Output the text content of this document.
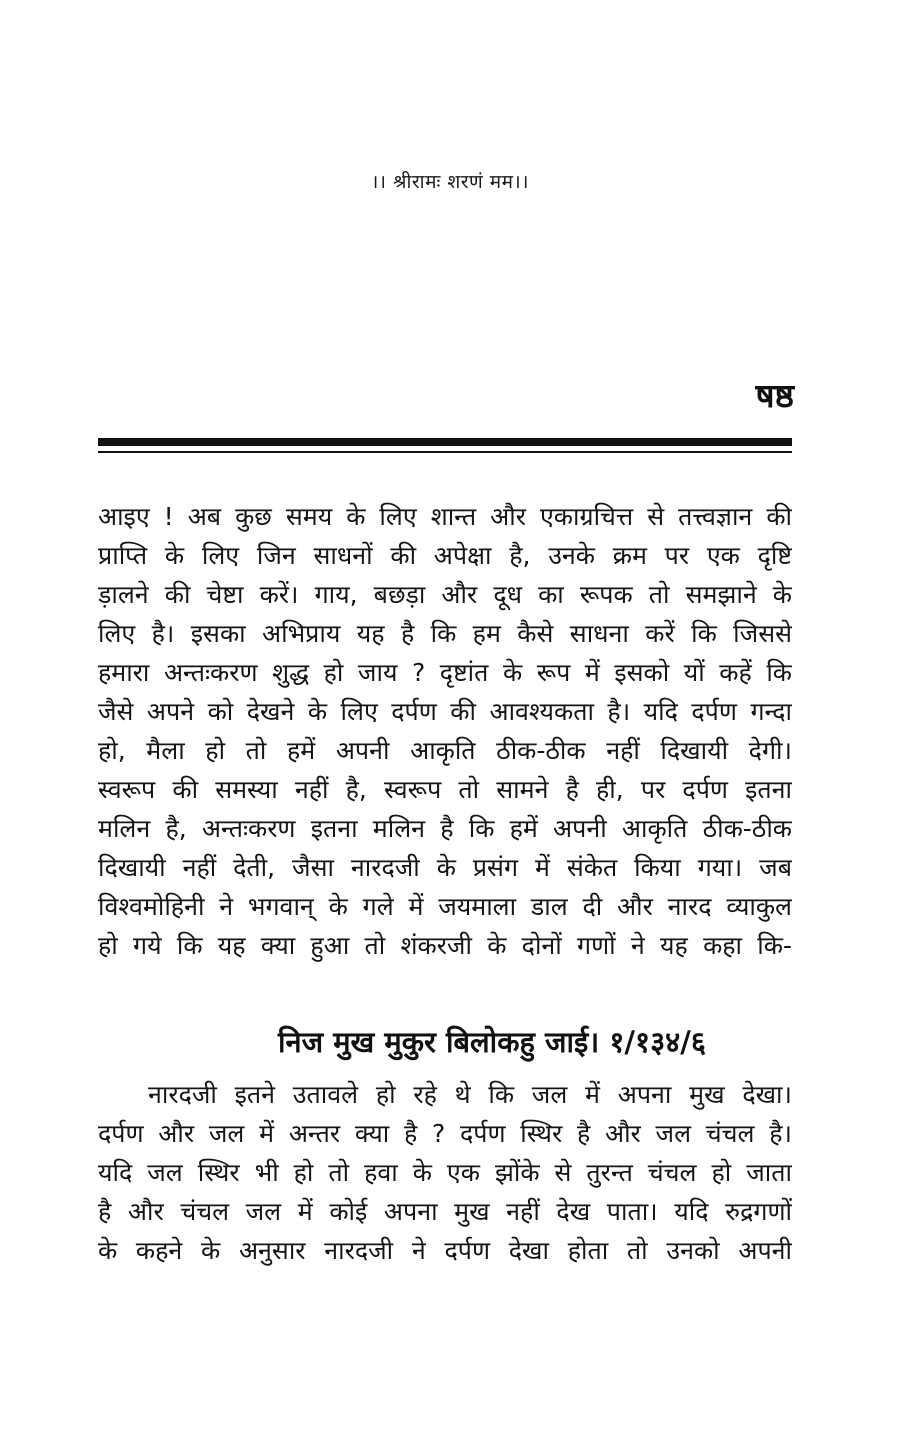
।। श्रीरामः शरणं मम।।
षष्ठ
आइए ! अब कुछ समय के लिए शान्त और एकाग्रचित्त से तत्त्वज्ञान की
प्राप्ति के लिए जिन साधनों की अपेक्षा है, उनके क्रम पर एक दृष्टि
ड़ालने की चेष्टा करें। गाय, बछड़ा और दूध का रूपक तो समझाने के
लिए है। इसका अभिप्राय यह है कि हम कैसे साधना करें कि जिससे
हमारा अन्तःकरण शुद्ध हो जाय ? दृष्टांत के रूप में इसको यों कहें कि
जैसे अपने को देखने के लिए दर्पण की आवश्यकता है। यदि दर्पण गन्दा
हो, मैला हो तो हमें अपनी आकृति ठीक-ठीक नहीं दिखायी देगी।
स्वरूप की समस्या नहीं है, स्वरूप तो सामने है ही, पर दर्पण इतना
मलिन है, अन्तःकरण इतना मलिन है कि हमें अपनी आकृति ठीक-ठीक
दिखायी नहीं देती, जैसा नारदजी के प्रसंग में संकेत किया गया। जब
विश्वमोहिनी ने भगवान् के गले में जयमाला डाल दी और नारद व्याकुल
हो गये कि यह क्या हुआ तो शंकरजी के दोनों गणों ने यह कहा कि-
निज मुख मुकुर बिलोकहु जाई। १/१३४/६
नारदजी इतने उतावले हो रहे थे कि जल में अपना मुख देखा।
दर्पण और जल में अन्तर क्या है ? दर्पण स्थिर है और जल चंचल है।
यदि जल स्थिर भी हो तो हवा के एक झोंके से तुरन्त चंचल हो जाता
है और चंचल जल में कोई अपना मुख नहीं देख पाता। यदि रुद्रगणों
के कहने के अनुसार नारदजी ने दर्पण देखा होता तो उनको अपनी
